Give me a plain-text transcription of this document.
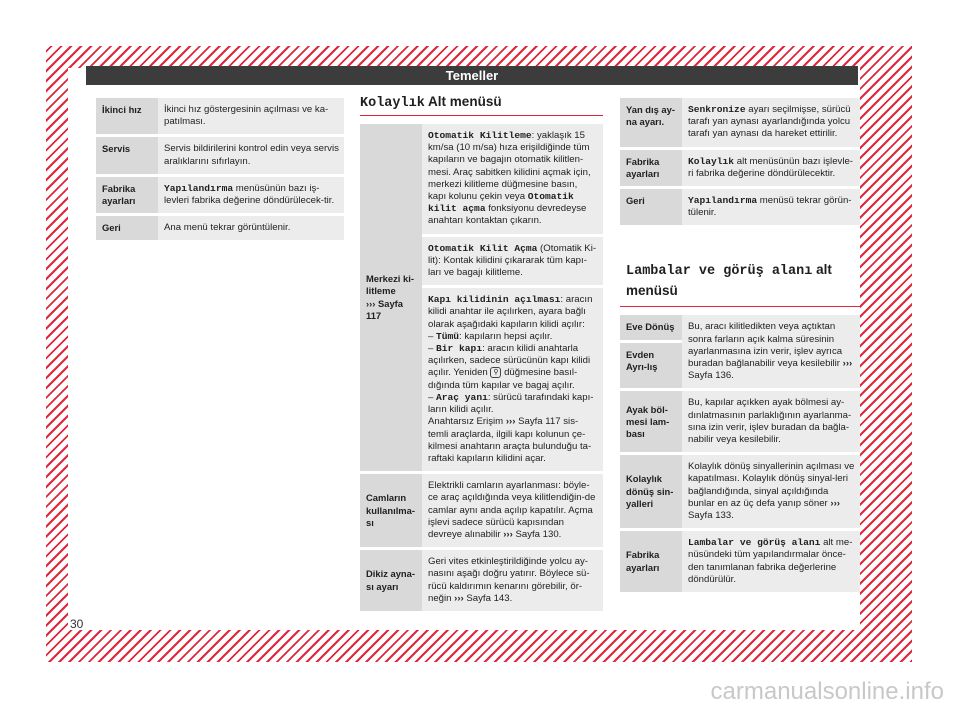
Temeller
İkinci hız	İkinci hız göstergesinin açılması ve ka-patılması.
Servis	Servis bildirilerini kontrol edin veya servis aralıklarını sıfırlayın.
Fabrika ayarları	Yapılandırma menüsünün bazı iş-levleri fabrika değerine döndürülecek-tir.
Geri	Ana menü tekrar görüntülenir.
Kolaylık Alt menüsü
Merkezi ki-litleme
››› Sayfa 117	Otomatik Kilitleme: yaklaşık 15 km/sa (10 m/sa) hıza erişildiğinde tüm kapıların ve bagajın otomatik kilitlen-mesi. Araç sabitken kilidini açmak için, merkezi kilitleme düğmesine basın, kapı kolunu çekin veya Otomatik kilit açma fonksiyonu devredeyse anahtarı kontaktan çıkarın.
	Otomatik Kilit Açma (Otomatik Ki-lit): Kontak kilidini çıkararak tüm kapı-ları ve bagajı kilitleme.
	Kapı kilidinin açılması: aracın kilidi anahtar ile açılırken, ayara bağlı olarak aşağıdaki kapıların kilidi açılır:
– Tümü: kapıların hepsi açılır.
– Bir kapı: aracın kilidi anahtarla açılırken, sadece sürücünün kapı kilidi açılır. Yeniden ⚲ düğmesine basıl-dığında tüm kapılar ve bagaj açılır.
– Araç yanı: sürücü tarafındaki kapı-ların kilidi açılır.
Anahtarsız Erişim ››› Sayfa 117 sis-temli araçlarda, ilgili kapı kolunun çe-kilmesi anahtarın araçta bulunduğu ta-raftaki kapıların kilidini açar.
Camların kullanılma-sı	Elektrikli camların ayarlanması: böyle-ce araç açıldığında veya kilitlendiğin-de camlar aynı anda açılıp kapatılır. Açma işlevi sadece sürücü kapısından devreye alınabilir ››› Sayfa 130.
Dikiz ayna-sı ayarı	Geri vites etkinleştirildiğinde yolcu ay-nasını aşağı doğru yatırır. Böylece sü-rücü kaldırımın kenarını görebilir, ör-neğin ››› Sayfa 143.
Yan dış ay-na ayarı.	Senkronize ayarı seçilmişse, sürücü tarafı yan aynası ayarlandığında yolcu tarafı yan aynası da hareket ettirilir.
Fabrika ayarları	Kolaylık alt menüsünün bazı işlevle-ri fabrika değerine döndürülecektir.
Geri	Yapılandırma menüsü tekrar görün-tülenir.
Lambalar ve görüş alanı alt menüsü
Eve Dönüş	Bu, aracı kilitledikten veya açtıktan sonra farların açık kalma süresinin ayarlanmasına izin verir, işlev ayrıca buradan bağlanabilir veya kesilebilir ››› Sayfa 136.
Evden Ayrı-lış	
Ayak böl-mesi lam-bası	Bu, kapılar açıkken ayak bölmesi ay-dınlatmasının parlaklığının ayarlanma-sına izin verir, işlev buradan da bağla-nabilir veya kesilebilir.
Kolaylık dönüş sin-yalleri	Kolaylık dönüş sinyallerinin açılması ve kapatılması. Kolaylık dönüş sinyal-leri bağlandığında, sinyal açıldığında bunlar en az üç defa yanıp söner ››› Sayfa 133.
Fabrika ayarları	Lambalar ve görüş alanı alt me-nüsündeki tüm yapılandırmalar önce-den tanımlanan fabrika değerlerine döndürülür.
30
carmanualsonline.info
